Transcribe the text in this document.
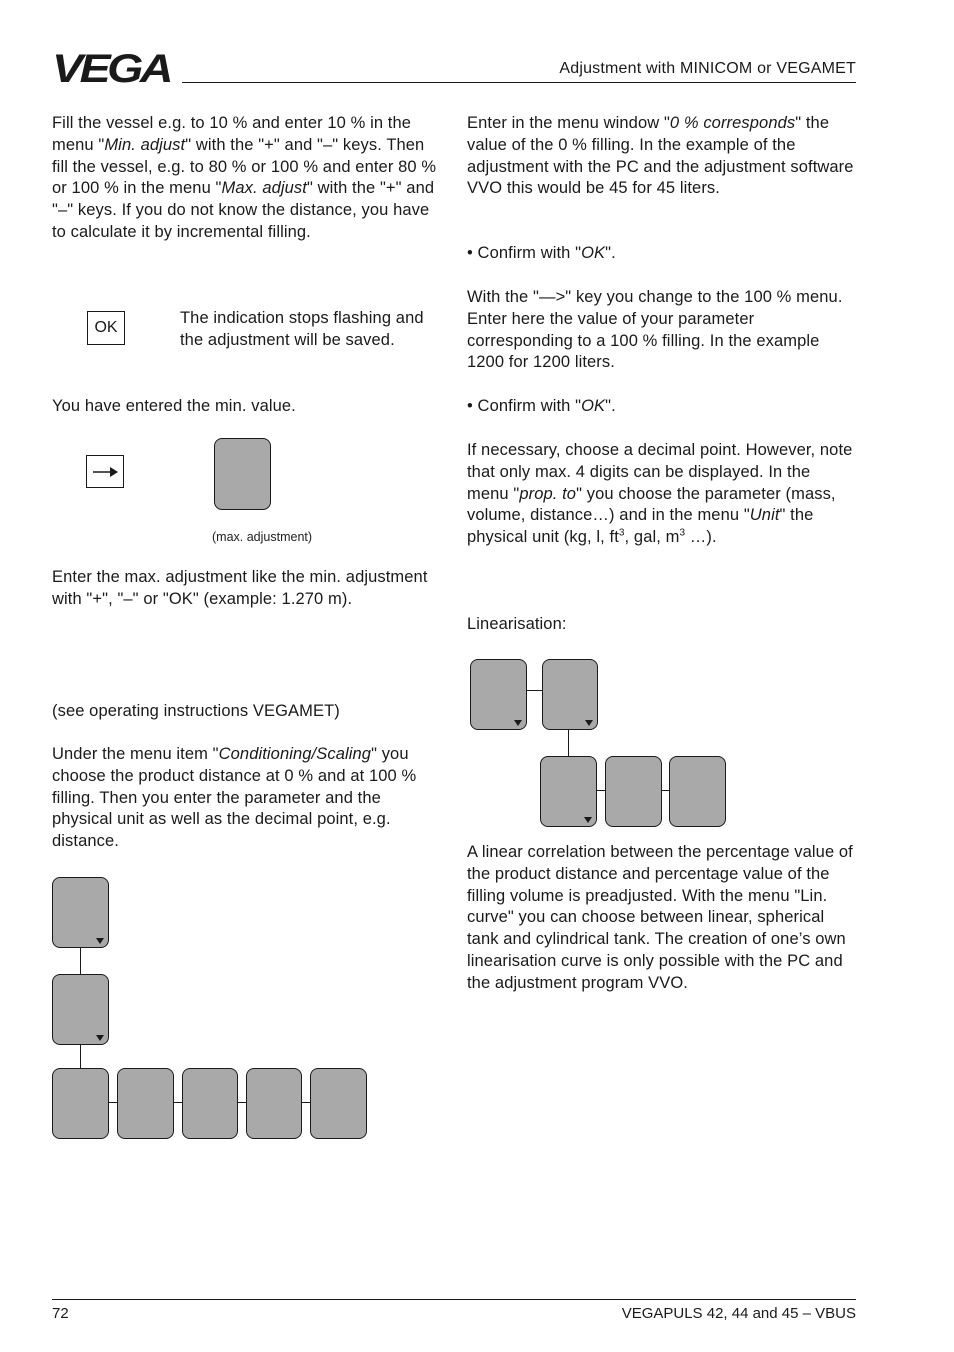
VEGA	Adjustment with MINICOM or VEGAMET

Fill the vessel e.g. to 10 % and enter 10 % in the menu "Min. adjust" with the "+" and "–" keys. Then fill the vessel, e.g. to 80 % or 100 % and enter 80 % or 100 % in the menu "Max. adjust" with the "+" and "–" keys. If you do not know the distance, you have to calculate it by incremental filling.

OK
The indication stops flashing and the adjustment will be saved.
You have entered the min. value.
(max. adjustment)
Enter the max. adjustment like the min. adjustment with "+", "–" or "OK" (example: 1.270 m).
(see operating instructions VEGAMET)

Under the menu item "Conditioning/Scaling" you choose the product distance at 0 % and at 100 % filling. Then you enter the parameter and the physical unit as well as the decimal point, e.g. distance.

Enter in the menu window "0 % corresponds" the value of the 0 % filling. In the example of the adjustment with the PC and the adjustment software VVO this would be 45 for 45 liters.

• Confirm with "OK".

With the "—>" key you change to the 100 % menu. Enter here the value of your parameter corresponding to a 100 % filling. In the example 1200 for 1200 liters.

• Confirm with "OK".

If necessary, choose a decimal point. However, note that only max. 4 digits can be displayed. In the menu "prop. to" you choose the parameter (mass, volume, distance…) and in the menu "Unit" the physical unit (kg, l, $ft^3$, gal, $m^3$ …).

Linearisation:
A linear correlation between the percentage value of the product distance and percentage value of the filling volume is preadjusted. With the menu "Lin. curve" you can choose between linear, spherical tank and cylindrical tank. The creation of one’s own linearisation curve is only possible with the PC and the adjustment program VVO.
72	VEGAPULS 42, 44 and 45 – VBUS
